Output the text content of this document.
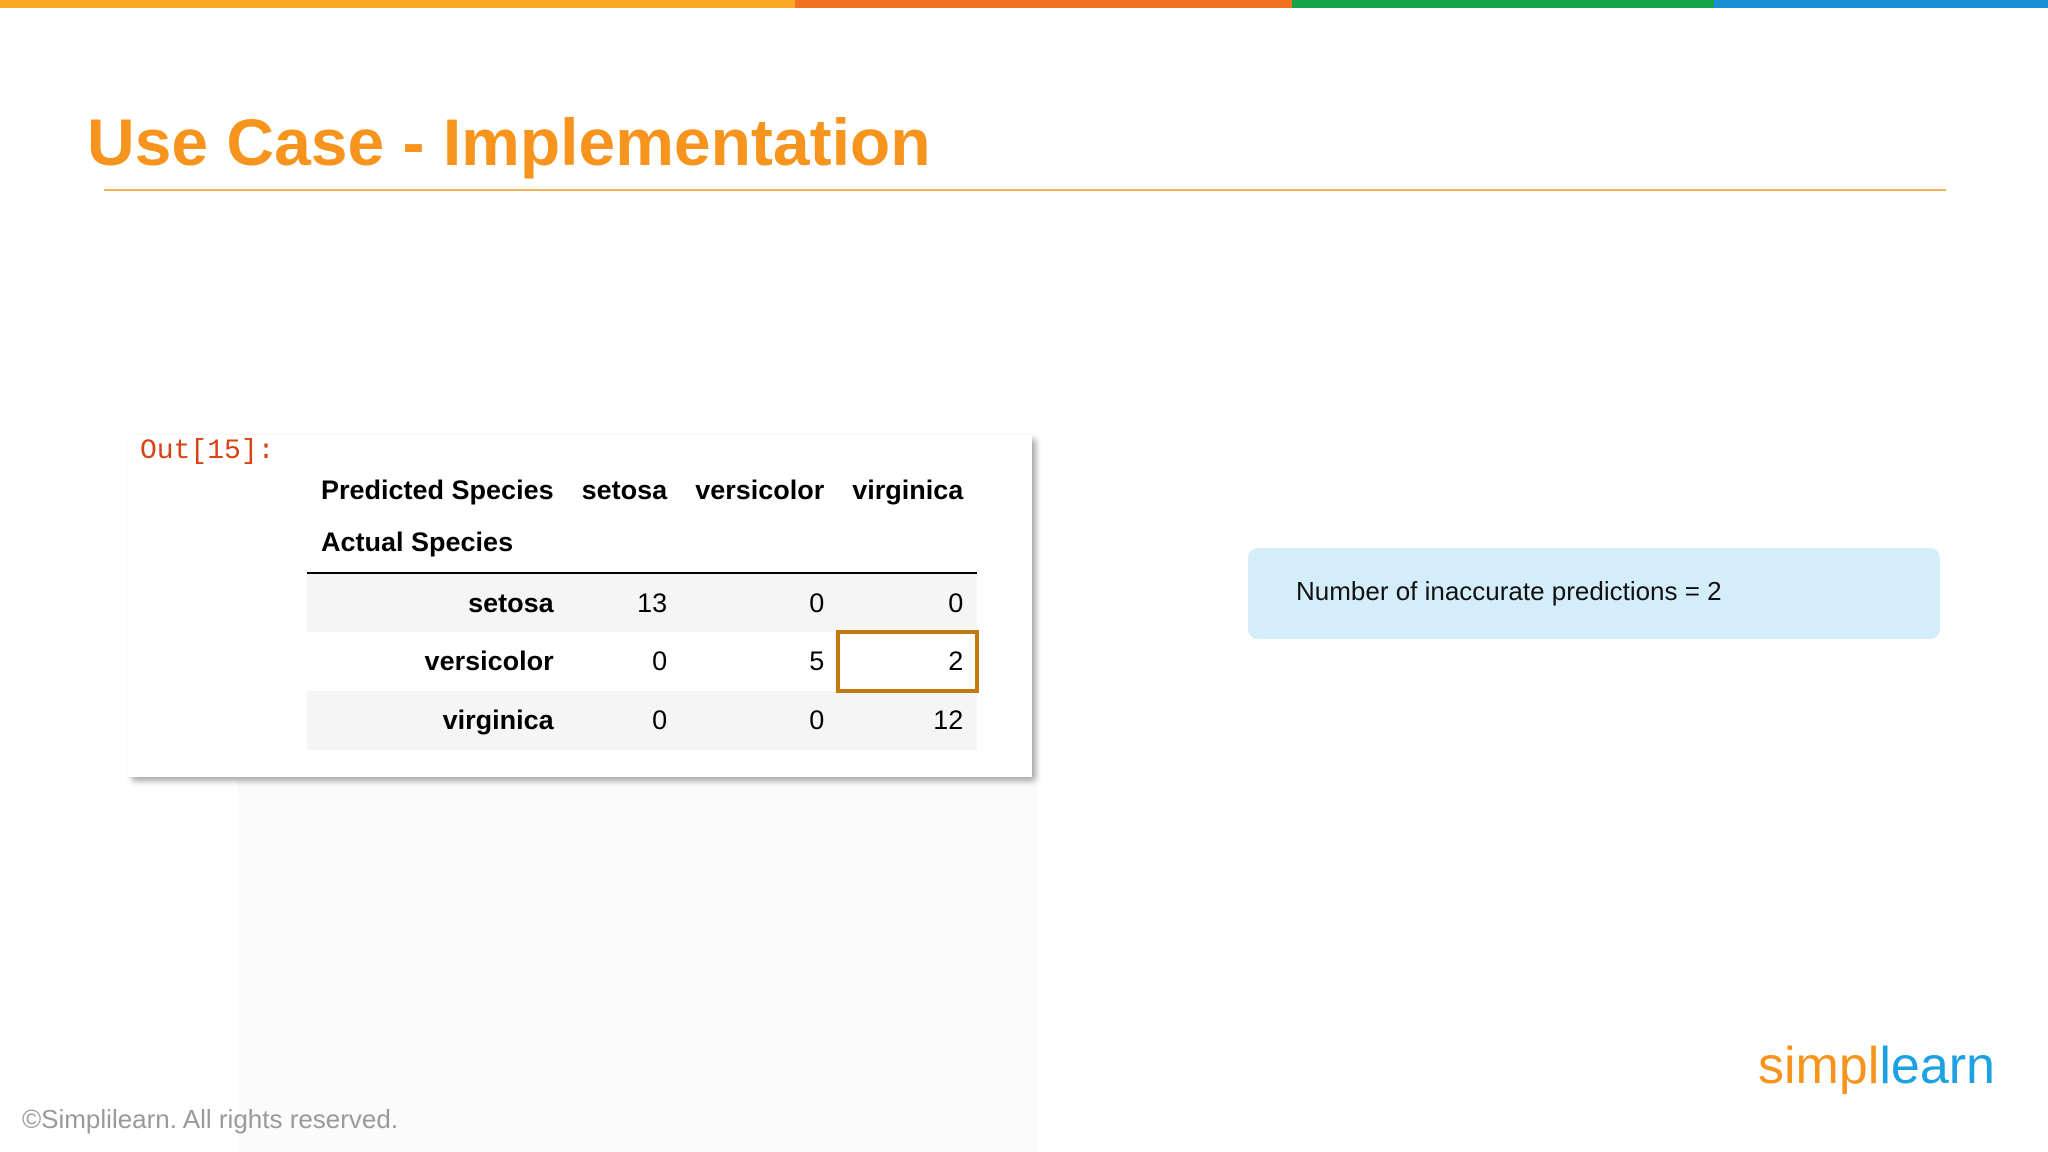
Use Case - Implementation
Out[15]:
Predicted Species	setosa	versicolor	virginica
Actual Species			
setosa	13	0	0
versicolor	0	5	2
virginica	0	0	12
Number of inaccurate predictions = 2
simpllearn
©Simplilearn. All rights reserved.
